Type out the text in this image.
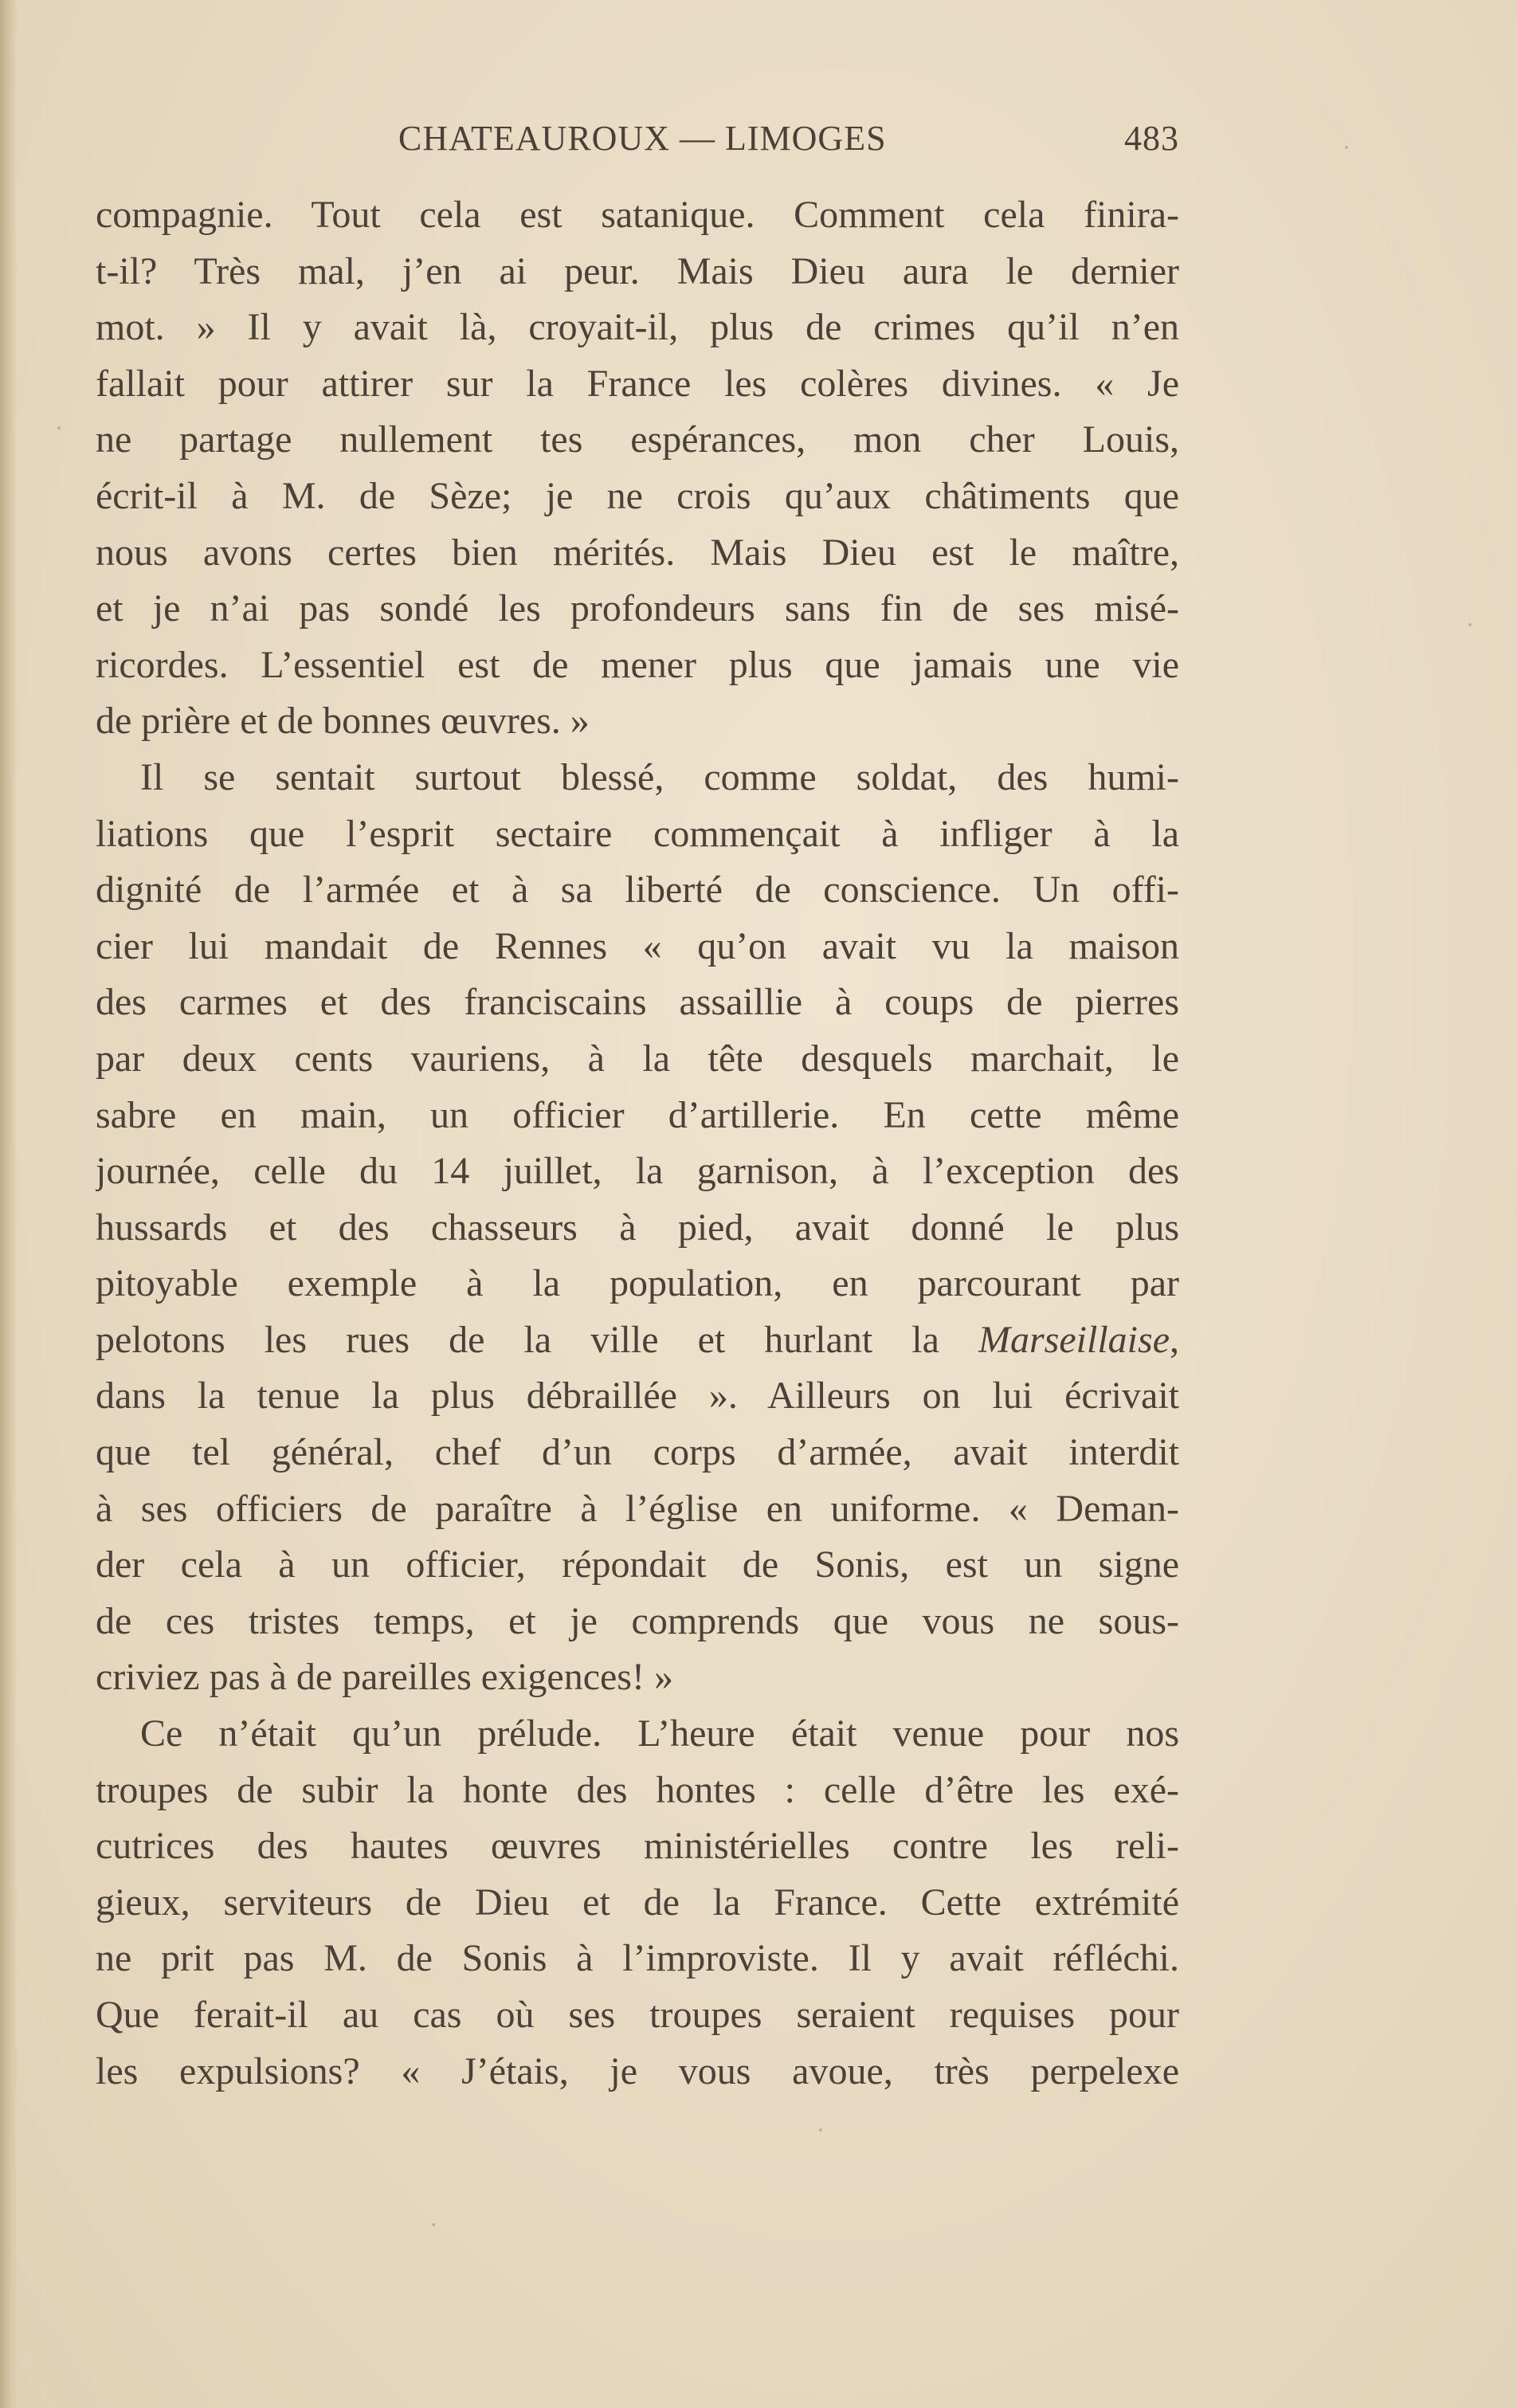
CHATEAUROUX — LIMOGES	483
compagnie. Tout cela est satanique. Comment cela finira-
t-il? Très mal, j’en ai peur. Mais Dieu aura le dernier
mot. » Il y avait là, croyait-il, plus de crimes qu’il n’en
fallait pour attirer sur la France les colères divines. « Je
ne partage nullement tes espérances, mon cher Louis,
écrit-il à M. de Sèze; je ne crois qu’aux châtiments que
nous avons certes bien mérités. Mais Dieu est le maître,
et je n’ai pas sondé les profondeurs sans fin de ses misé-
ricordes. L’essentiel est de mener plus que jamais une vie
de prière et de bonnes œuvres. »
Il se sentait surtout blessé, comme soldat, des humi-
liations que l’esprit sectaire commençait à infliger à la
dignité de l’armée et à sa liberté de conscience. Un offi-
cier lui mandait de Rennes « qu’on avait vu la maison
des carmes et des franciscains assaillie à coups de pierres
par deux cents vauriens, à la tête desquels marchait, le
sabre en main, un officier d’artillerie. En cette même
journée, celle du 14 juillet, la garnison, à l’exception des
hussards et des chasseurs à pied, avait donné le plus
pitoyable exemple à la population, en parcourant par
pelotons les rues de la ville et hurlant la Marseillaise,
dans la tenue la plus débraillée ». Ailleurs on lui écrivait
que tel général, chef d’un corps d’armée, avait interdit
à ses officiers de paraître à l’église en uniforme. « Deman-
der cela à un officier, répondait de Sonis, est un signe
de ces tristes temps, et je comprends que vous ne sous-
criviez pas à de pareilles exigences! »
Ce n’était qu’un prélude. L’heure était venue pour nos
troupes de subir la honte des hontes : celle d’être les exé-
cutrices des hautes œuvres ministérielles contre les reli-
gieux, serviteurs de Dieu et de la France. Cette extrémité
ne prit pas M. de Sonis à l’improviste. Il y avait réfléchi.
Que ferait-il au cas où ses troupes seraient requises pour
les expulsions? « J’étais, je vous avoue, très perpelexe
